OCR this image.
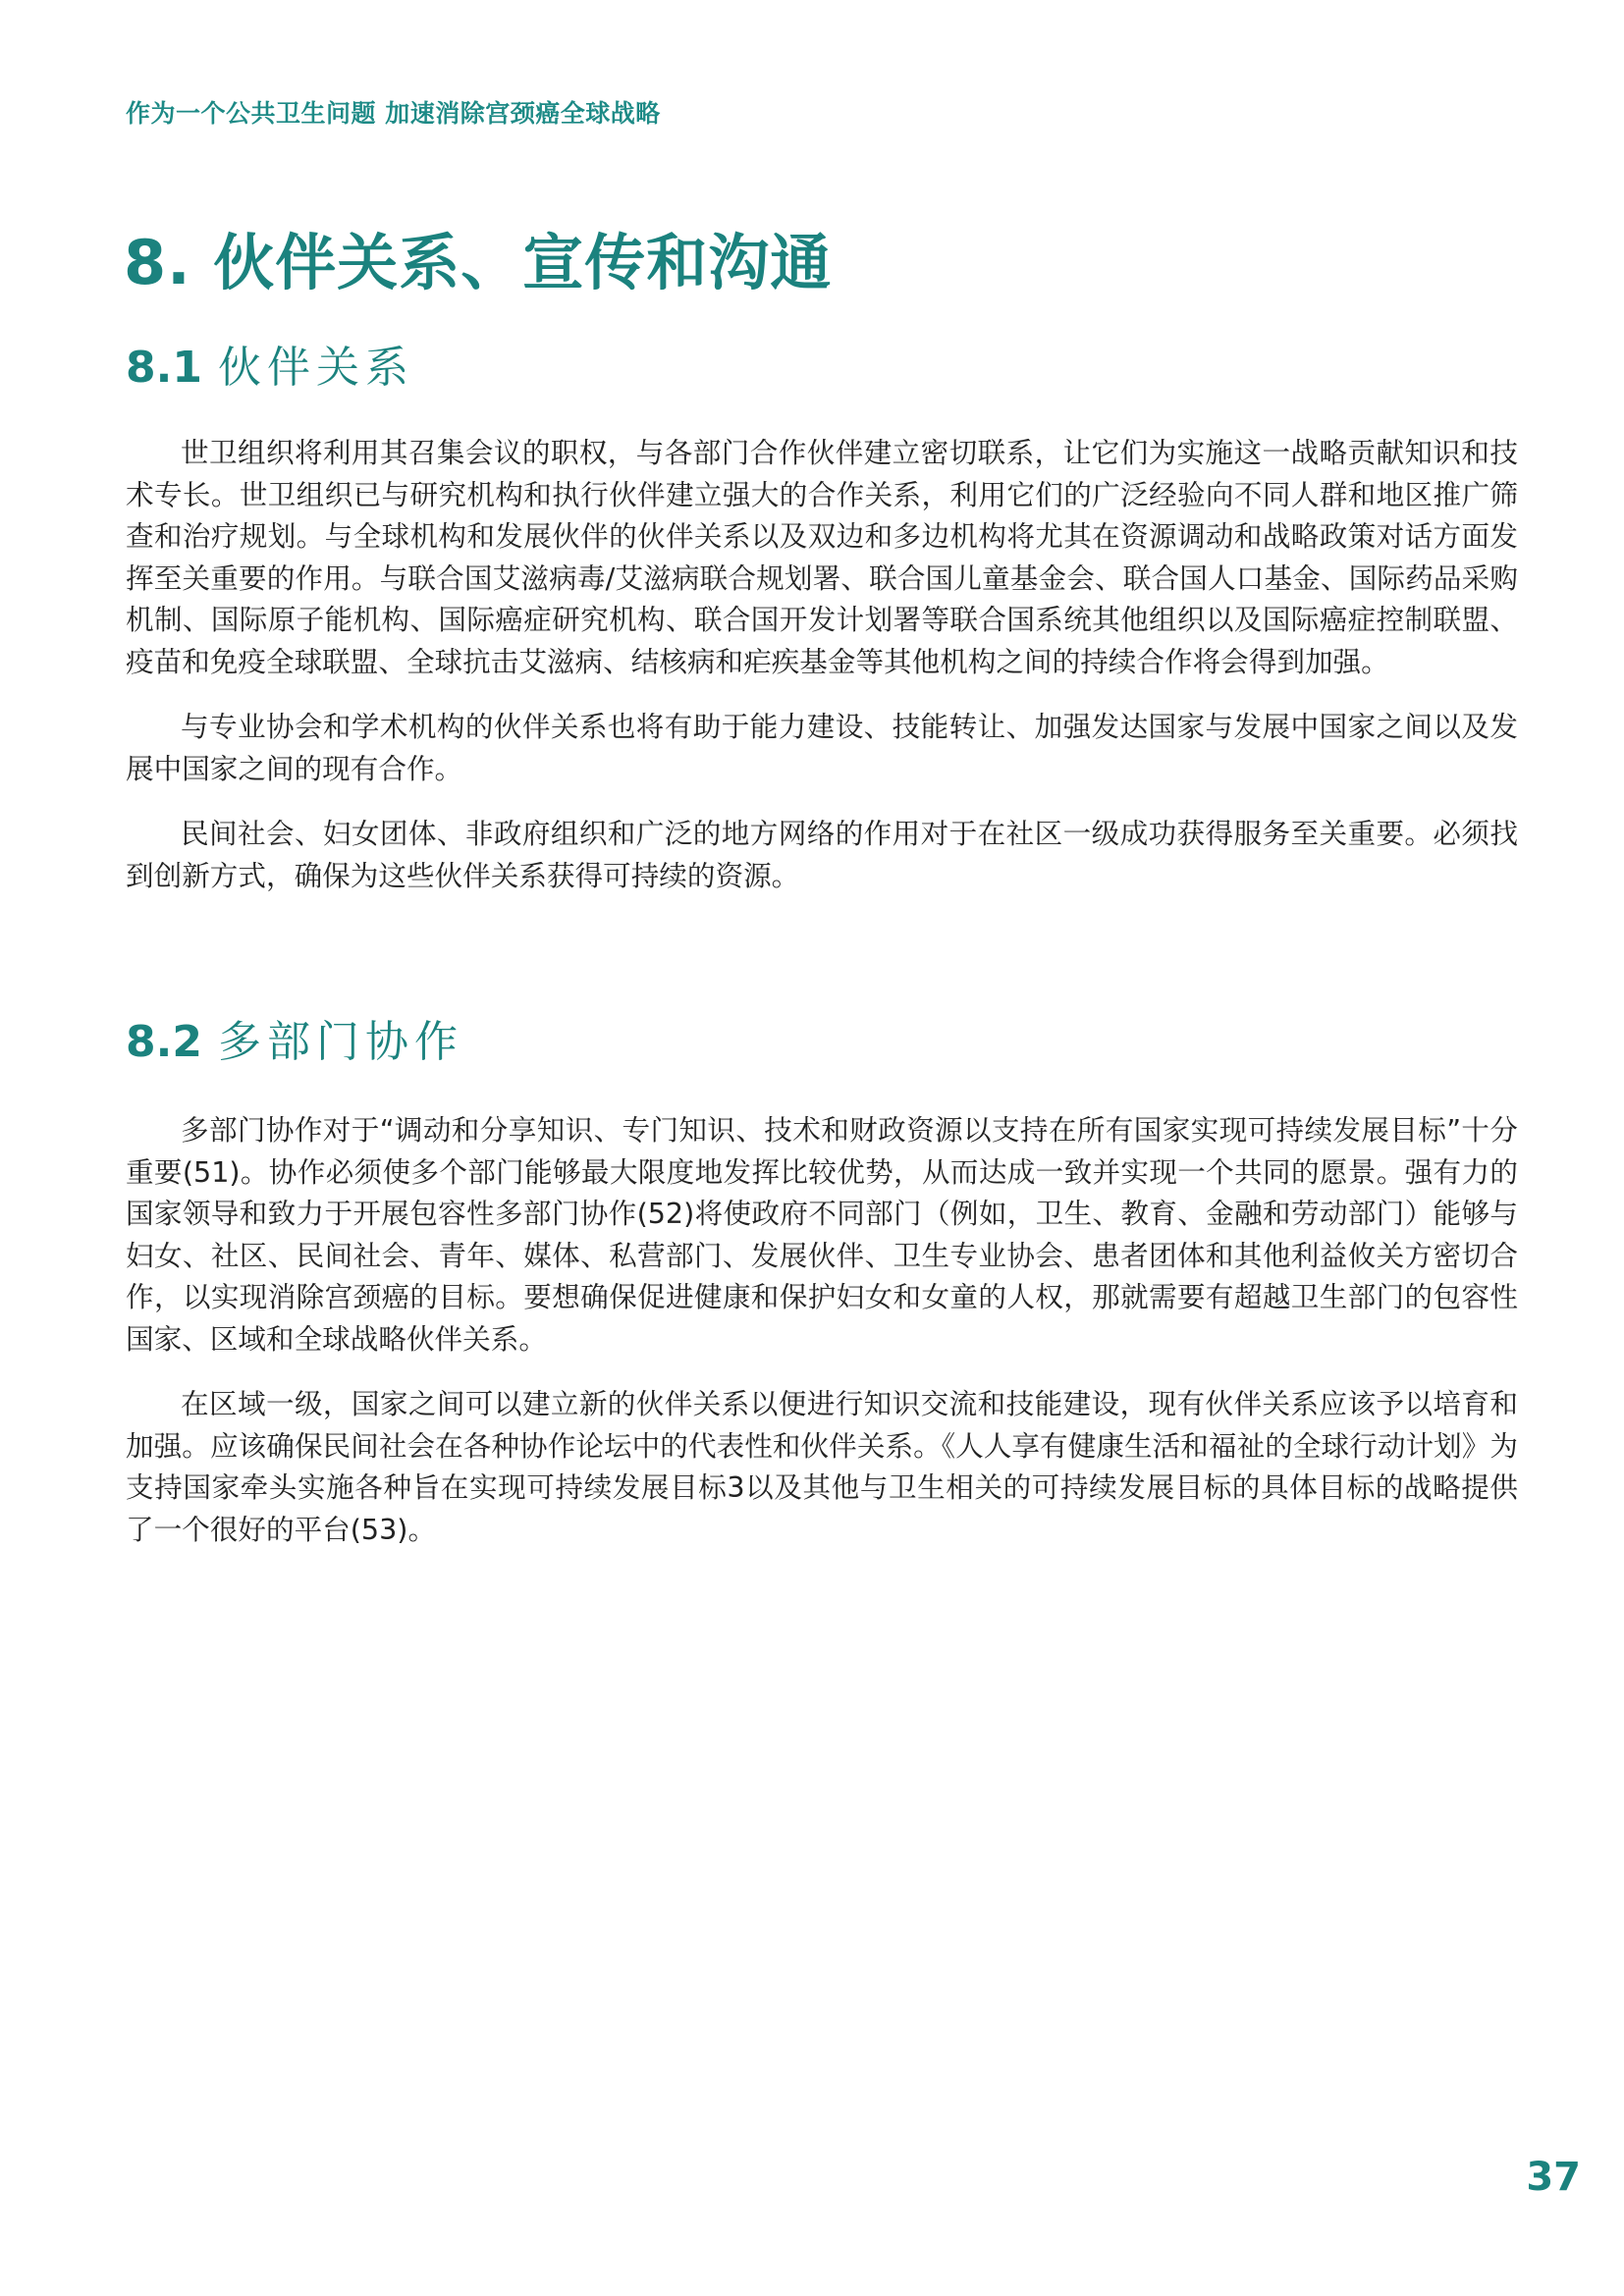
作为一个公共卫生问题 加速消除宫颈癌全球战略
8. 伙伴关系、宣传和沟通
8.1 伙伴关系

世卫组织将利用其召集会议的职权，与各部门合作伙伴建立密切联系，让它们为实施这一战略贡献知识和技术专长。世卫组织已与研究机构和执行伙伴建立强大的合作关系，利用它们的广泛经验向不同人群和地区推广筛查和治疗规划。与全球机构和发展伙伴的伙伴关系以及双边和多边机构将尤其在资源调动和战略政策对话方面发挥至关重要的作用。与联合国艾滋病毒/艾滋病联合规划署、联合国儿童基金会、联合国人口基金、国际药品采购机制、国际原子能机构、国际癌症研究机构、联合国开发计划署等联合国系统其他组织以及国际癌症控制联盟、疫苗和免疫全球联盟、全球抗击艾滋病、结核病和疟疾基金等其他机构之间的持续合作将会得到加强。

与专业协会和学术机构的伙伴关系也将有助于能力建设、技能转让、加强发达国家与发展中国家之间以及发展中国家之间的现有合作。

民间社会、妇女团体、非政府组织和广泛的地方网络的作用对于在社区一级成功获得服务至关重要。必须找到创新方式，确保为这些伙伴关系获得可持续的资源。

8.2 多部门协作

多部门协作对于“调动和分享知识、专门知识、技术和财政资源以支持在所有国家实现可持续发展目标”十分重要(51)。协作必须使多个部门能够最大限度地发挥比较优势，从而达成一致并实现一个共同的愿景。强有力的国家领导和致力于开展包容性多部门协作(52)将使政府不同部门（例如，卫生、教育、金融和劳动部门）能够与妇女、社区、民间社会、青年、媒体、私营部门、发展伙伴、卫生专业协会、患者团体和其他利益攸关方密切合作，以实现消除宫颈癌的目标。要想确保促进健康和保护妇女和女童的人权，那就需要有超越卫生部门的包容性国家、区域和全球战略伙伴关系。

在区域一级，国家之间可以建立新的伙伴关系以便进行知识交流和技能建设，现有伙伴关系应该予以培育和加强。应该确保民间社会在各种协作论坛中的代表性和伙伴关系。《人人享有健康生活和福祉的全球行动计划》为支持国家牵头实施各种旨在实现可持续发展目标3以及其他与卫生相关的可持续发展目标的具体目标的战略提供了一个很好的平台(53)。

37
